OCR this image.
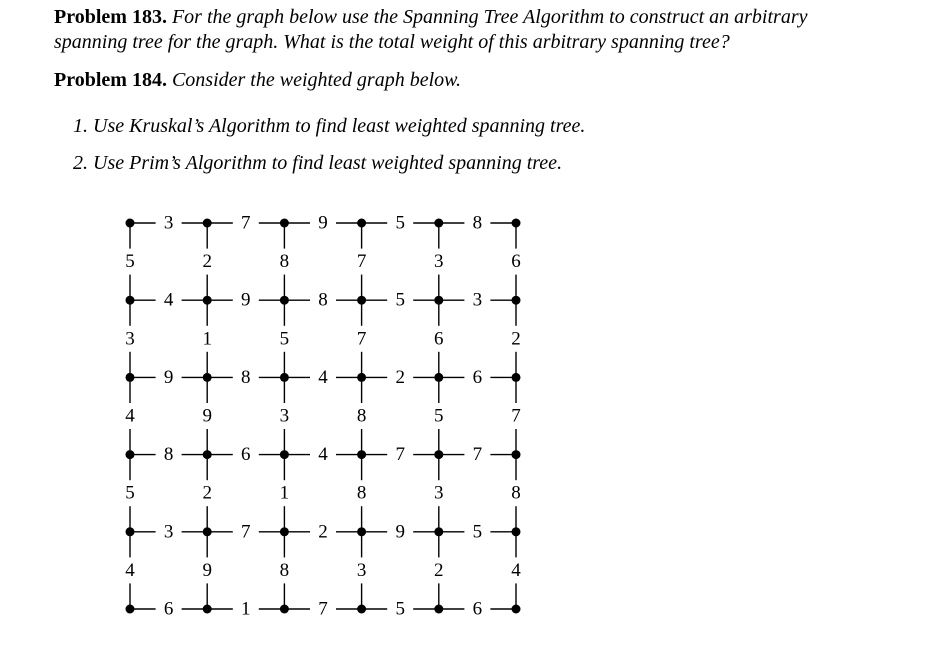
Problem 183. For the graph below use the Spanning Tree Algorithm to construct an arbitrary
spanning tree for the graph. What is the total weight of this arbitrary spanning tree?
Problem 184. Consider the weighted graph below.
1. Use Kruskal’s Algorithm to find least weighted spanning tree.
2. Use Prim’s Algorithm to find least weighted spanning tree.
3	7	9	5	8
4	9	8	5	3
9	8	4	2	6
8	6	4	7	7
3	7	2	9	5
6	1	7	5	6
5	2	8	7	3	6
3	1	5	7	6	2
4	9	3	8	5	7
5	2	1	8	3	8
4	9	8	3	2	4
